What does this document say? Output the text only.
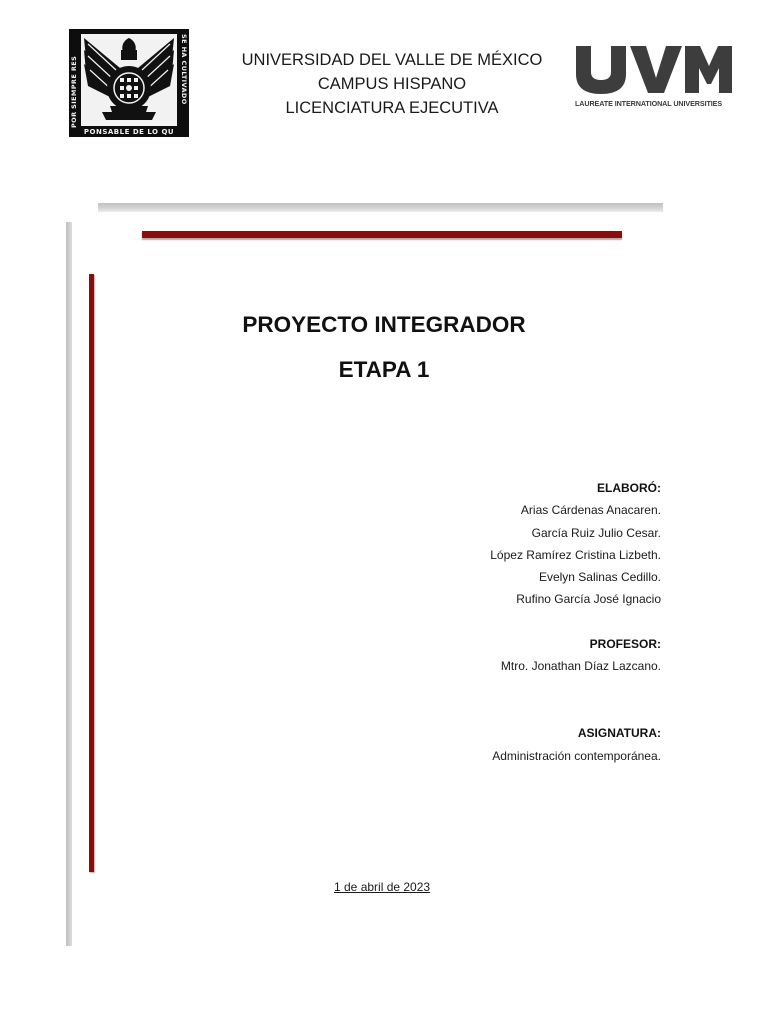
PONSABLE DE LO QU
POR SIEMPRE RES	SE HA CULTIVADO	UNIVERSIDAD DEL VALLE DE MÉXICO
CAMPUS HISPANO
LICENCIATURA EJECUTIVA	LAUREATE INTERNATIONAL UNIVERSITIES
PROYECTO INTEGRADOR
ETAPA 1
ELABORÓ:
Arias Cárdenas Anacaren.
García Ruiz Julio Cesar.
López Ramírez Cristina Lizbeth.
Evelyn Salinas Cedillo.
Rufino García José Ignacio
PROFESOR:
Mtro. Jonathan Díaz Lazcano.
ASIGNATURA:
Administración contemporánea.
1 de abril de 2023
